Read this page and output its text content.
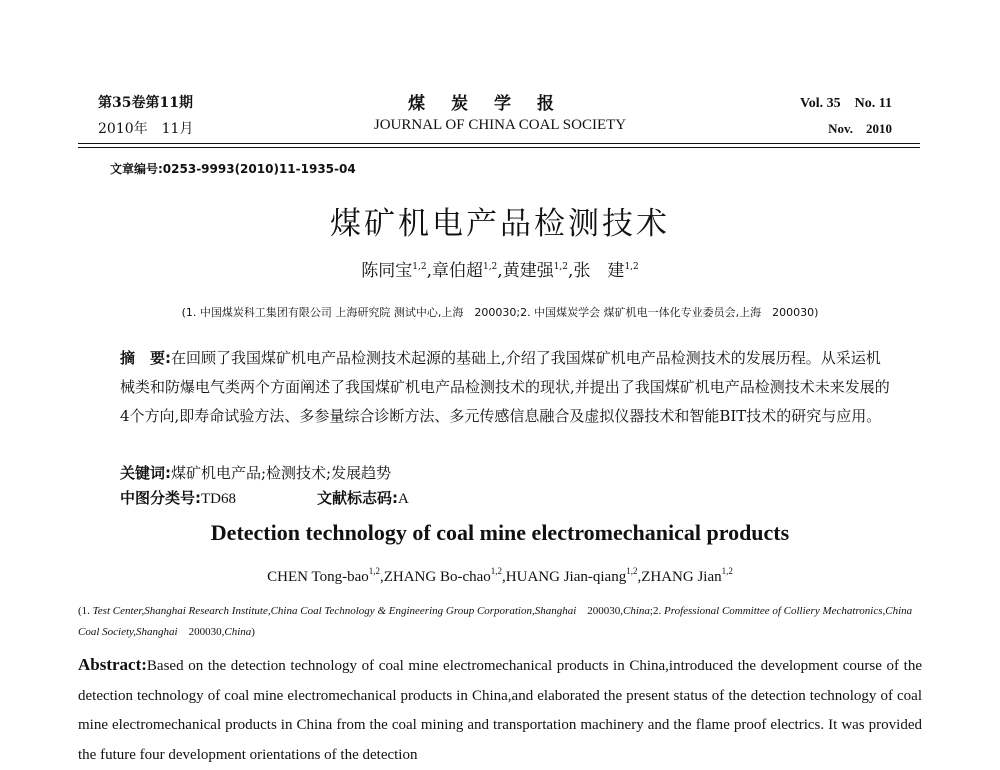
第35卷第11期
2010年　11月
煤炭学报
JOURNAL OF CHINA COAL SOCIETY
Vol. 35　No. 11
Nov.　2010
文章编号:0253-9993(2010)11-1935-04
煤矿机电产品检测技术
陈同宝$^{1,2}$,章伯超$^{1,2}$,黄建强$^{1,2}$,张　建$^{1,2}$
(1. 中国煤炭科工集团有限公司 上海研究院 测试中心,上海　200030;2. 中国煤炭学会 煤矿机电一体化专业委员会,上海　200030)
摘　要:在回顾了我国煤矿机电产品检测技术起源的基础上,介绍了我国煤矿机电产品检测技术的发展历程。从采运机械类和防爆电气类两个方面阐述了我国煤矿机电产品检测技术的现状,并提出了我国煤矿机电产品检测技术未来发展的4个方向,即寿命试验方法、多参量综合诊断方法、多元传感信息融合及虚拟仪器技术和智能BIT技术的研究与应用。
关键词:煤矿机电产品;检测技术;发展趋势
中图分类号:TD68	文献标志码:A
Detection technology of coal mine electromechanical products
CHEN Tong-bao$^{1,2}$,ZHANG Bo-chao$^{1,2}$,HUANG Jian-qiang$^{1,2}$,ZHANG Jian$^{1,2}$
(1. Test Center,Shanghai Research Institute,China Coal Technology & Engineering Group Corporation,Shanghai　200030,China;2. Professional Committee of Colliery Mechatronics,China Coal Society,Shanghai　200030,China)
Abstract:Based on the detection technology of coal mine electromechanical products in China,introduced the development course of the detection technology of coal mine electromechanical products in China,and elaborated the present status of the detection technology of coal mine electromechanical products in China from the coal mining and transportation machinery and the flame proof electrics. It was provided the future four development orientations of the detection
